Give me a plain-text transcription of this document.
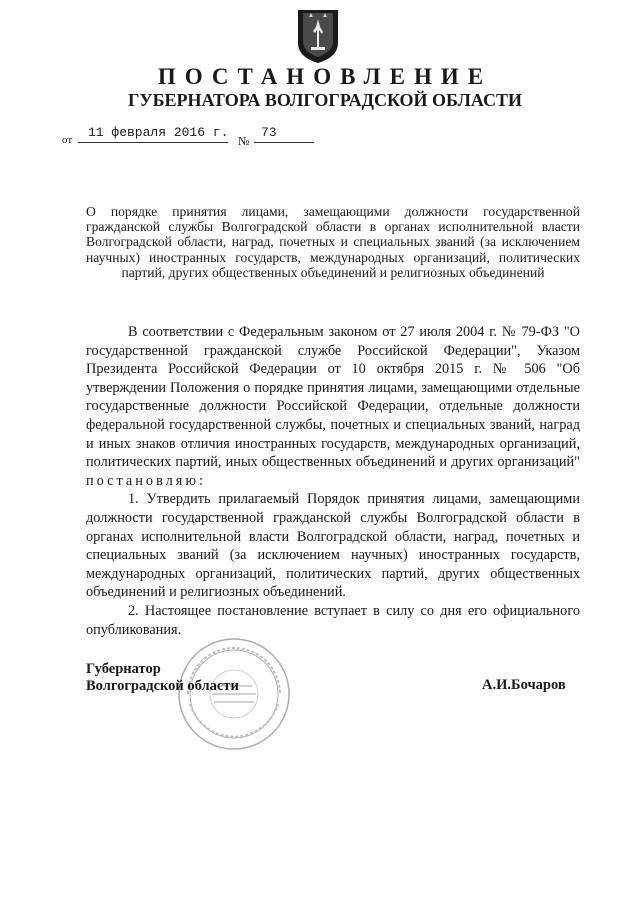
ПОСТАНОВЛЕНИЕ
ГУБЕРНАТОРА ВОЛГОГРАДСКОЙ ОБЛАСТИ
от 11 февраля 2016 г.
№
73
О порядке принятия лицами, замещающими должности государственной гражданской службы Волгоградской области в органах исполнительной власти Волгоградской области, наград, почетных и специальных званий (за исключением научных) иностранных государств, международных организаций, политических партий, других общественных объединений и религиозных объединений

В соответствии с Федеральным законом от 27 июля 2004 г. № 79-ФЗ "О государственной гражданской службе Российской Федерации", Указом Президента Российской Федерации от 10 октября 2015 г. № 506 "Об утверждении Положения о порядке принятия лицами, замещающими отдельные государственные должности Российской Федерации, отдельные должности федеральной государственной службы, почетных и специальных званий, наград и иных знаков отличия иностранных государств, международных организаций, политических партий, иных общественных объединений и других организаций" постановляю:

1. Утвердить прилагаемый Порядок принятия лицами, замещающими должности государственной гражданской службы Волгоградской области в органах исполнительной власти Волгоградской области, наград, почетных и специальных званий (за исключением научных) иностранных государств, международных организаций, политических партий, других общественных объединений и религиозных объединений.

2. Настоящее постановление вступает в силу со дня его официального опубликования.

Губернатор
Волгоградской области	А.И.Бочаров
